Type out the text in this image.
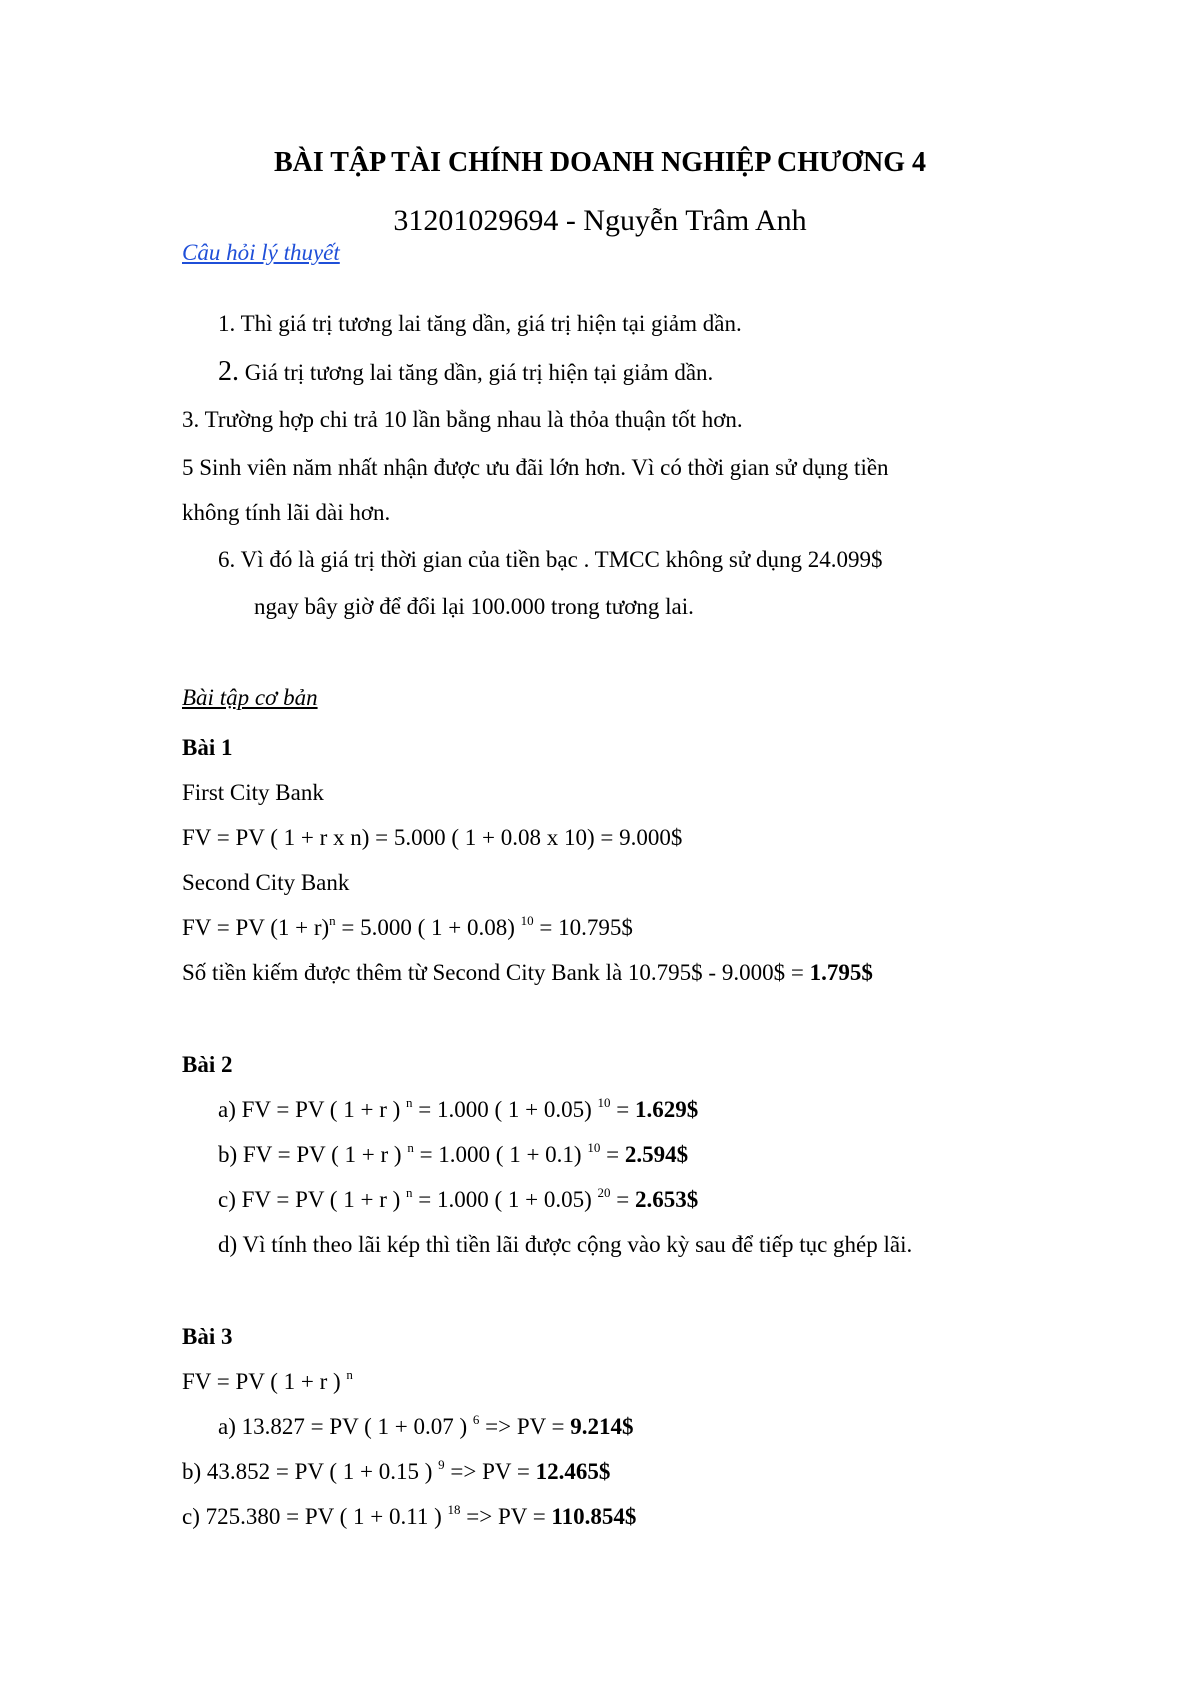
BÀI TẬP TÀI CHÍNH DOANH NGHIỆP CHƯƠNG 4
31201029694 - Nguyễn Trâm Anh
Câu hỏi lý thuyết
1. Thì giá trị tương lai tăng dần, giá trị hiện tại giảm dần.
2. Giá trị tương lai tăng dần, giá trị hiện tại giảm dần.
3. Trường hợp chi trả 10 lần bằng nhau là thỏa thuận tốt hơn.
5 Sinh viên năm nhất nhận được ưu đãi lớn hơn. Vì có thời gian sử dụng tiền
không tính lãi dài hơn.
6. Vì đó là giá trị thời gian của tiền bạc . TMCC không sử dụng 24.099$
ngay bây giờ để đổi lại 100.000 trong tương lai.
Bài tập cơ bản
Bài 1
First City Bank
FV = PV ( 1 + r x n) = 5.000 ( 1 + 0.08 x 10) = 9.000$
Second City Bank
FV = PV $(1 + r)^n = 5.000$ ( 1 + 0.08) $^{10}$ = 10.795$
Số tiền kiếm được thêm từ Second City Bank là 10.795$ - 9.000$ = 1.795$
Bài 2
a) FV = PV ( 1 + r ) $^n$ = 1.000 ( 1 + 0.05) $^{10}$ = 1.629$
b) FV = PV ( 1 + r ) $^n$ = 1.000 ( 1 + 0.1) $^{10}$ = 2.594$
c) FV = PV ( 1 + r ) $^n$ = 1.000 ( 1 + 0.05) $^{20}$ = 2.653$
d) Vì tính theo lãi kép thì tiền lãi được cộng vào kỳ sau để tiếp tục ghép lãi.
Bài 3
FV = PV ( 1 + r ) $^n$
a) 13.827 = PV ( 1 + 0.07 ) $^6$ => PV = 9.214$
b) 43.852 = PV ( 1 + 0.15 ) $^9$ => PV = 12.465$
c) 725.380 = PV ( 1 + 0.11 ) $^{18}$ => PV = 110.854$
